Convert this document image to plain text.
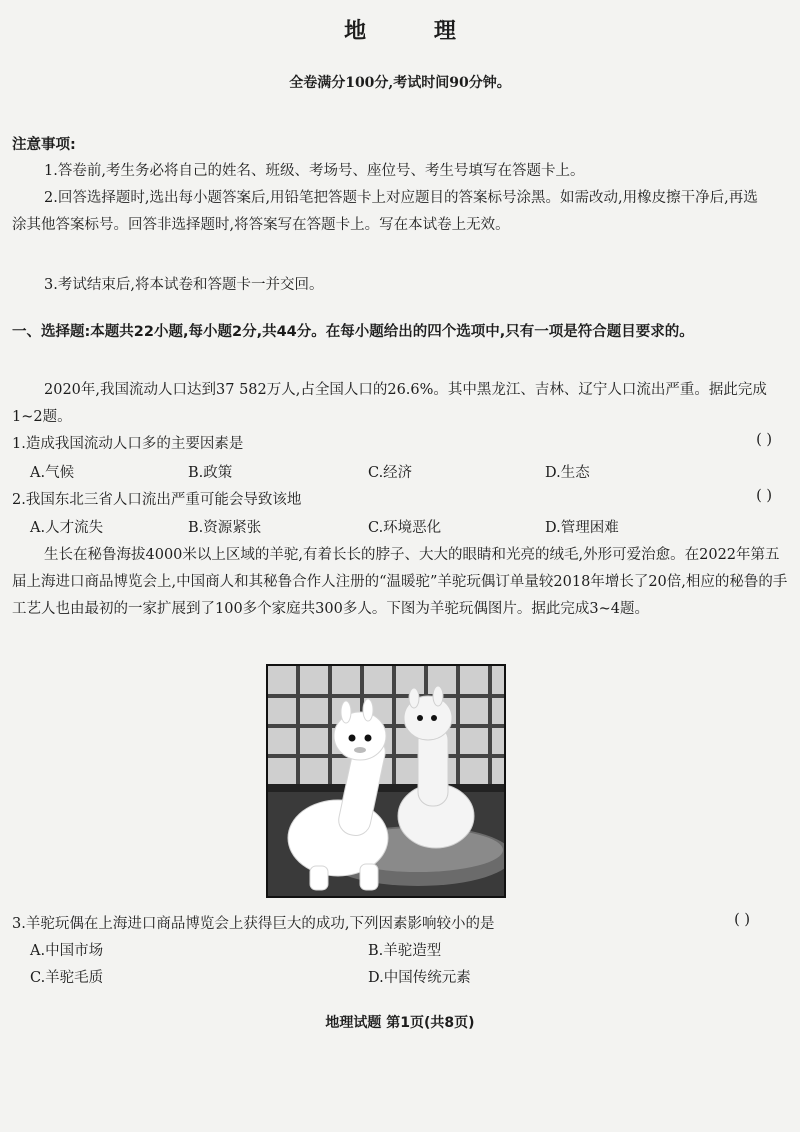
地 理
全卷满分100分,考试时间90分钟。
注意事项:
1.答卷前,考生务必将自己的姓名、班级、考场号、座位号、考生号填写在答题卡上。
2.回答选择题时,选出每小题答案后,用铅笔把答题卡上对应题目的答案标号涂黑。如需改动,用橡皮擦干净后,再选涂其他答案标号。回答非选择题时,将答案写在答题卡上。写在本试卷上无效。
3.考试结束后,将本试卷和答题卡一并交回。
一、选择题:本题共22小题,每小题2分,共44分。在每小题给出的四个选项中,只有一项是符合题目要求的。
2020年,我国流动人口达到37 582万人,占全国人口的26.6%。其中黑龙江、吉林、辽宁人口流出严重。据此完成1~2题。
1.造成我国流动人口多的主要因素是	( )
A.气候	B.政策	C.经济	D.生态
2.我国东北三省人口流出严重可能会导致该地	( )
A.人才流失	B.资源紧张	C.环境恶化	D.管理困难
生长在秘鲁海拔4000米以上区域的羊驼,有着长长的脖子、大大的眼睛和光亮的绒毛,外形可爱治愈。在2022年第五届上海进口商品博览会上,中国商人和其秘鲁合作人注册的“温暖驼”羊驼玩偶订单量较2018年增长了20倍,相应的秘鲁的手工艺人也由最初的一家扩展到了100多个家庭共300多人。下图为羊驼玩偶图片。据此完成3~4题。
3.羊驼玩偶在上海进口商品博览会上获得巨大的成功,下列因素影响较小的是	( )
A.中国市场	B.羊驼造型
C.羊驼毛质	D.中国传统元素
地理试题 第1页(共8页)
